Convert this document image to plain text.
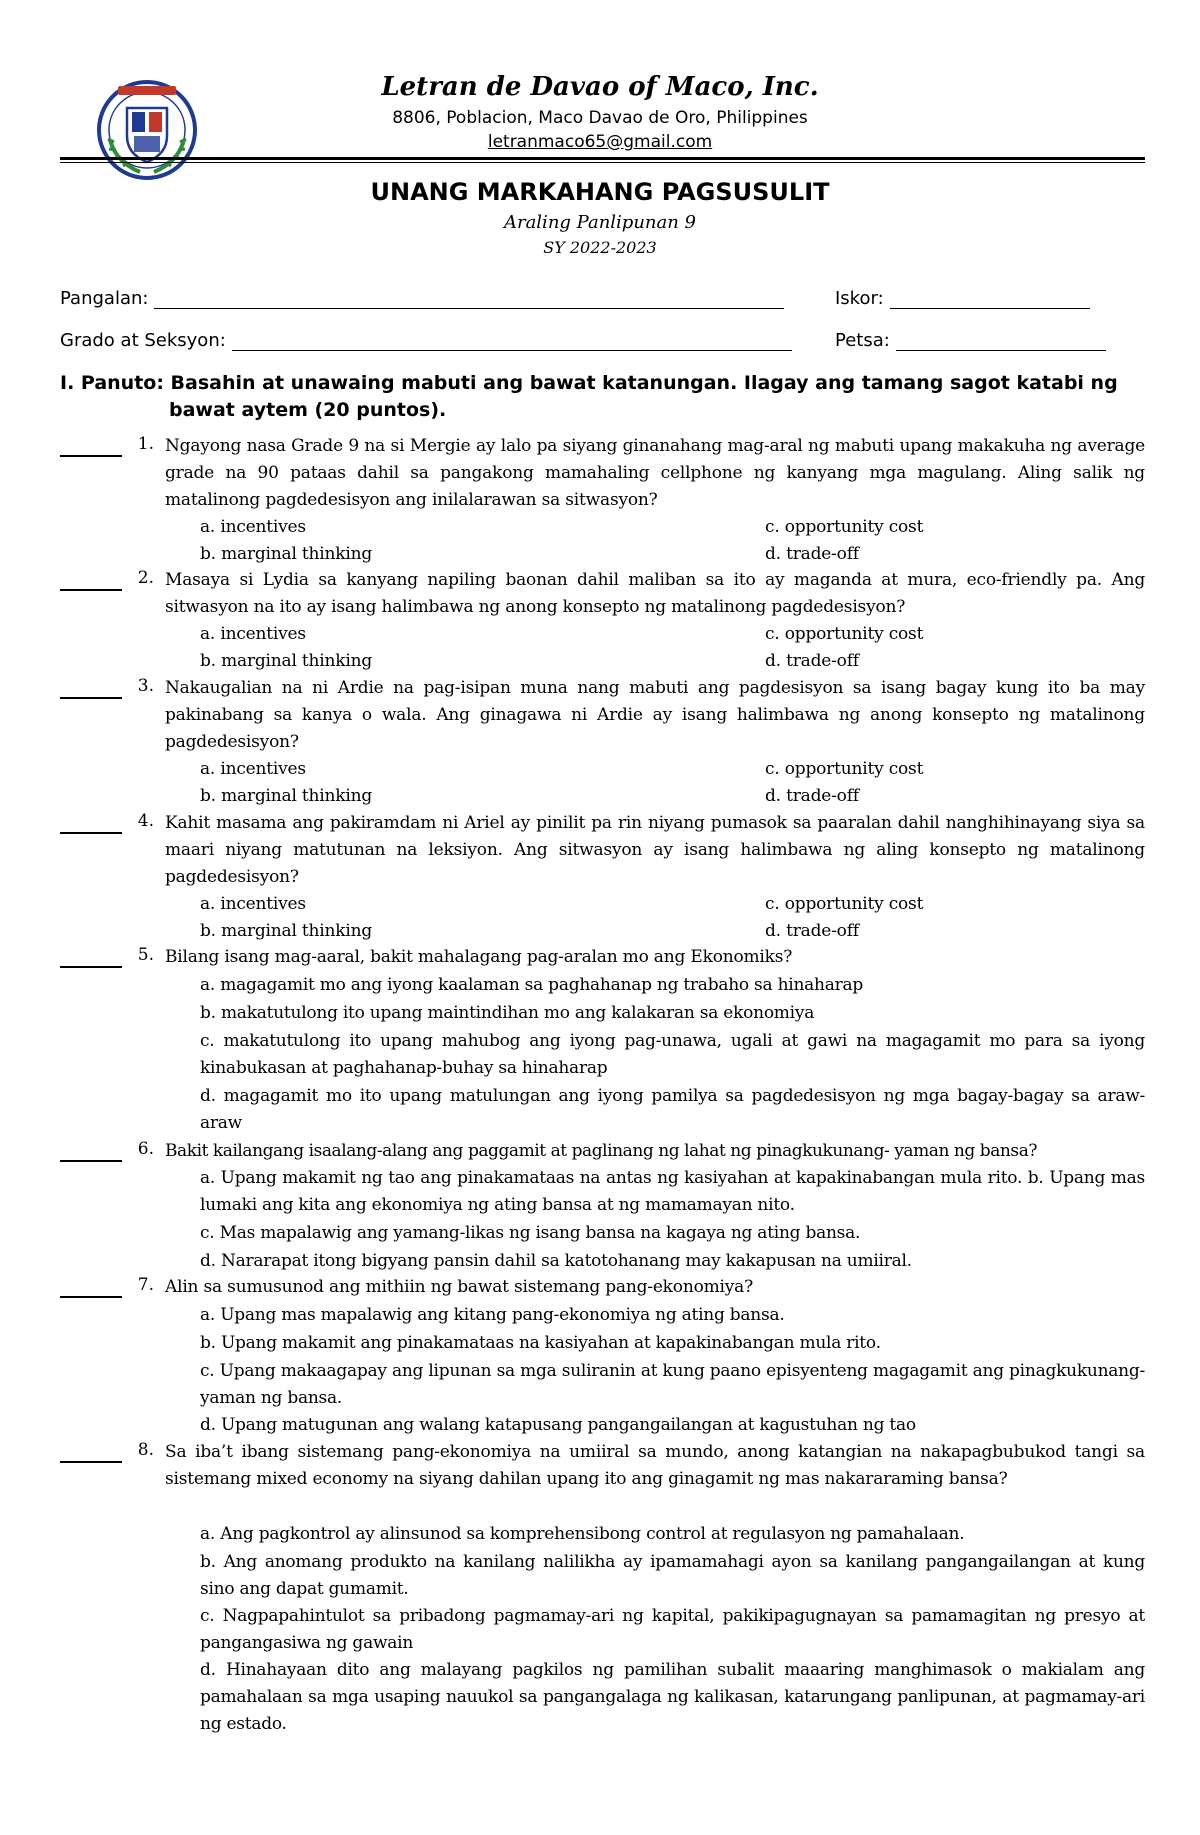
Letran de Davao of Maco, Inc.
8806, Poblacion, Maco Davao de Oro, Philippines
letranmaco65@gmail.com
UNANG MARKAHANG PAGSUSULIT
Araling Panlipunan 9
SY 2022-2023
Pangalan:	Iskor:
Grado at Seksyon:	Petsa:
I. Panuto: Basahin at unawaing mabuti ang bawat katanungan. Ilagay ang tamang sagot katabi ng bawat aytem (20 puntos).
1. Ngayong nasa Grade 9 na si Mergie ay lalo pa siyang ginanahang mag-aral ng mabuti upang makakuha ng average grade na 90 pataas dahil sa pangakong mamahaling cellphone ng kanyang mga magulang. Aling salik ng matalinong pagdedesisyon ang inilalarawan sa sitwasyon?
a. incentives	c. opportunity cost
b. marginal thinking	d. trade-off
2. Masaya si Lydia sa kanyang napiling baonan dahil maliban sa ito ay maganda at mura, eco-friendly pa. Ang sitwasyon na ito ay isang halimbawa ng anong konsepto ng matalinong pagdedesisyon?
a. incentives	c. opportunity cost
b. marginal thinking	d. trade-off
3. Nakaugalian na ni Ardie na pag-isipan muna nang mabuti ang pagdesisyon sa isang bagay kung ito ba may pakinabang sa kanya o wala. Ang ginagawa ni Ardie ay isang halimbawa ng anong konsepto ng matalinong pagdedesisyon?
a. incentives	c. opportunity cost
b. marginal thinking	d. trade-off
4. Kahit masama ang pakiramdam ni Ariel ay pinilit pa rin niyang pumasok sa paaralan dahil nanghihinayang siya sa maari niyang matutunan na leksiyon. Ang sitwasyon ay isang halimbawa ng aling konsepto ng matalinong pagdedesisyon?
a. incentives	c. opportunity cost
b. marginal thinking	d. trade-off
5. Bilang isang mag-aaral, bakit mahalagang pag-aralan mo ang Ekonomiks?
a. magagamit mo ang iyong kaalaman sa paghahanap ng trabaho sa hinaharap
b. makatutulong ito upang maintindihan mo ang kalakaran sa ekonomiya
c. makatutulong ito upang mahubog ang iyong pag-unawa, ugali at gawi na magagamit mo para sa iyong kinabukasan at paghahanap-buhay sa hinaharap
d. magagamit mo ito upang matulungan ang iyong pamilya sa pagdedesisyon ng mga bagay-bagay sa araw-araw
6. Bakit kailangang isaalang-alang ang paggamit at paglinang ng lahat ng pinagkukunang- yaman ng bansa?
a. Upang makamit ng tao ang pinakamataas na antas ng kasiyahan at kapakinabangan mula rito. b. Upang mas lumaki ang kita ang ekonomiya ng ating bansa at ng mamamayan nito.
c. Mas mapalawig ang yamang-likas ng isang bansa na kagaya ng ating bansa.
d. Nararapat itong bigyang pansin dahil sa katotohanang may kakapusan na umiiral.
7. Alin sa sumusunod ang mithiin ng bawat sistemang pang-ekonomiya?
a. Upang mas mapalawig ang kitang pang-ekonomiya ng ating bansa.
b. Upang makamit ang pinakamataas na kasiyahan at kapakinabangan mula rito.
c. Upang makaagapay ang lipunan sa mga suliranin at kung paano episyenteng magagamit ang pinagkukunang-yaman ng bansa.
d. Upang matugunan ang walang katapusang pangangailangan at kagustuhan ng tao
8. Sa iba’t ibang sistemang pang-ekonomiya na umiiral sa mundo, anong katangian na nakapagbubukod tangi sa sistemang mixed economy na siyang dahilan upang ito ang ginagamit ng mas nakararaming bansa?
a. Ang pagkontrol ay alinsunod sa komprehensibong control at regulasyon ng pamahalaan.
b. Ang anomang produkto na kanilang nalilikha ay ipamamahagi ayon sa kanilang pangangailangan at kung sino ang dapat gumamit.
c. Nagpapahintulot sa pribadong pagmamay-ari ng kapital, pakikipagugnayan sa pamamagitan ng presyo at pangangasiwa ng gawain
d. Hinahayaan dito ang malayang pagkilos ng pamilihan subalit maaaring manghimasok o makialam ang pamahalaan sa mga usaping nauukol sa pangangalaga ng kalikasan, katarungang panlipunan, at pagmamay-ari ng estado.
